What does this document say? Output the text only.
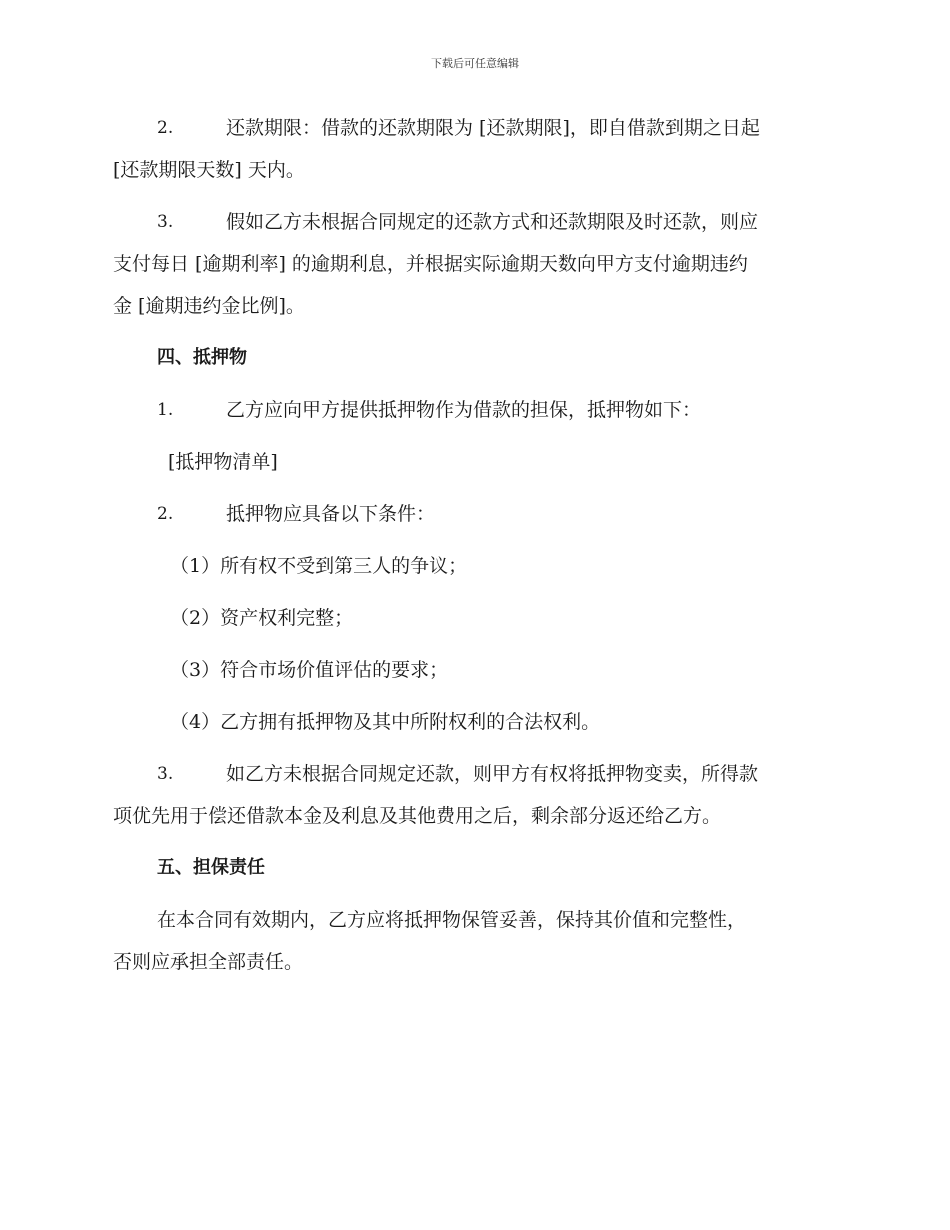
下载后可任意编辑
2.	还款期限：借款的还款期限为 [还款期限]，即自借款到期之日起
[还款期限天数] 天内。
3.	假如乙方未根据合同规定的还款方式和还款期限及时还款，则应
支付每日 [逾期利率] 的逾期利息，并根据实际逾期天数向甲方支付逾期违约
金 [逾期违约金比例]。
四、抵押物
1.	乙方应向甲方提供抵押物作为借款的担保，抵押物如下：
[抵押物清单]
2.	抵押物应具备以下条件：
（1）所有权不受到第三人的争议；
（2）资产权利完整；
（3）符合市场价值评估的要求；
（4）乙方拥有抵押物及其中所附权利的合法权利。
3.	如乙方未根据合同规定还款，则甲方有权将抵押物变卖，所得款
项优先用于偿还借款本金及利息及其他费用之后，剩余部分返还给乙方。
五、担保责任
在本合同有效期内，乙方应将抵押物保管妥善，保持其价值和完整性，
否则应承担全部责任。
